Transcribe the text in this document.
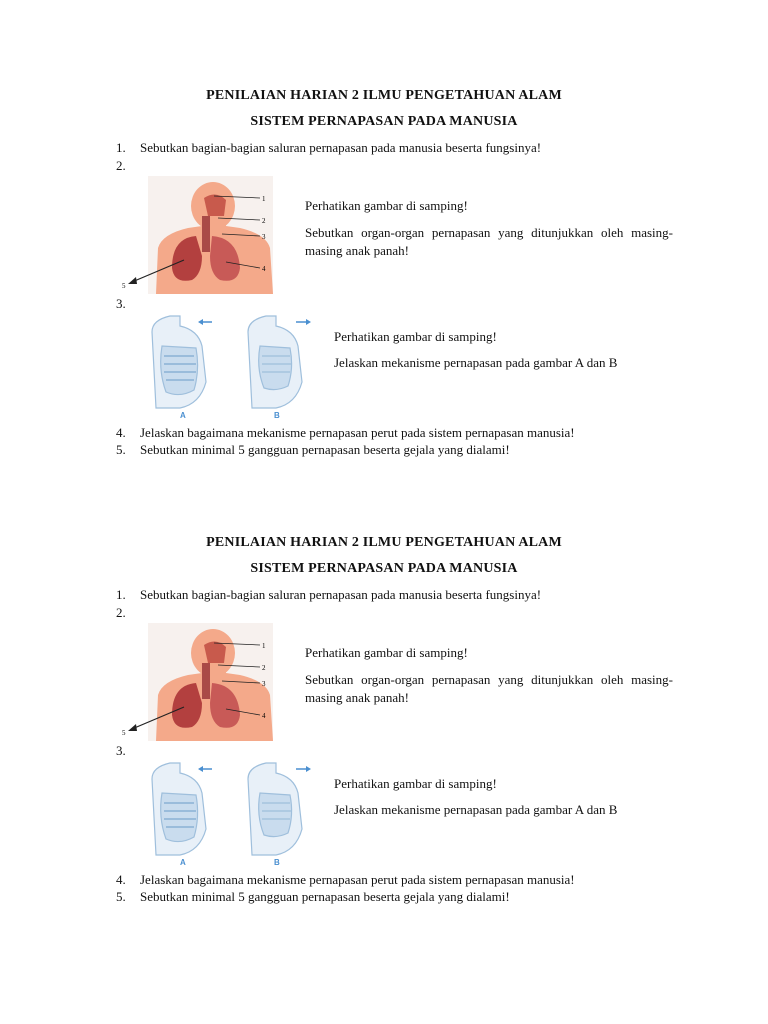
PENILAIAN HARIAN 2 ILMU PENGETAHUAN ALAM
SISTEM PERNAPASAN PADA MANUSIA
1. Sebutkan bagian-bagian saluran pernapasan pada manusia beserta fungsinya!
2.
1
2
3
4
5
Perhatikan gambar di samping!
Sebutkan organ-organ pernapasan yang ditunjukkan oleh masing-masing anak panah!
3.
A	B
Perhatikan gambar di samping!
Jelaskan mekanisme pernapasan pada gambar A dan B
4. Jelaskan bagaimana mekanisme pernapasan perut pada sistem pernapasan manusia!
5. Sebutkan minimal 5 gangguan pernapasan beserta gejala yang dialami!
PENILAIAN HARIAN 2 ILMU PENGETAHUAN ALAM
SISTEM PERNAPASAN PADA MANUSIA
1. Sebutkan bagian-bagian saluran pernapasan pada manusia beserta fungsinya!
2.
1
2
3
4
5
Perhatikan gambar di samping!
Sebutkan organ-organ pernapasan yang ditunjukkan oleh masing-masing anak panah!
3.
A	B
Perhatikan gambar di samping!
Jelaskan mekanisme pernapasan pada gambar A dan B
4. Jelaskan bagaimana mekanisme pernapasan perut pada sistem pernapasan manusia!
5. Sebutkan minimal 5 gangguan pernapasan beserta gejala yang dialami!
